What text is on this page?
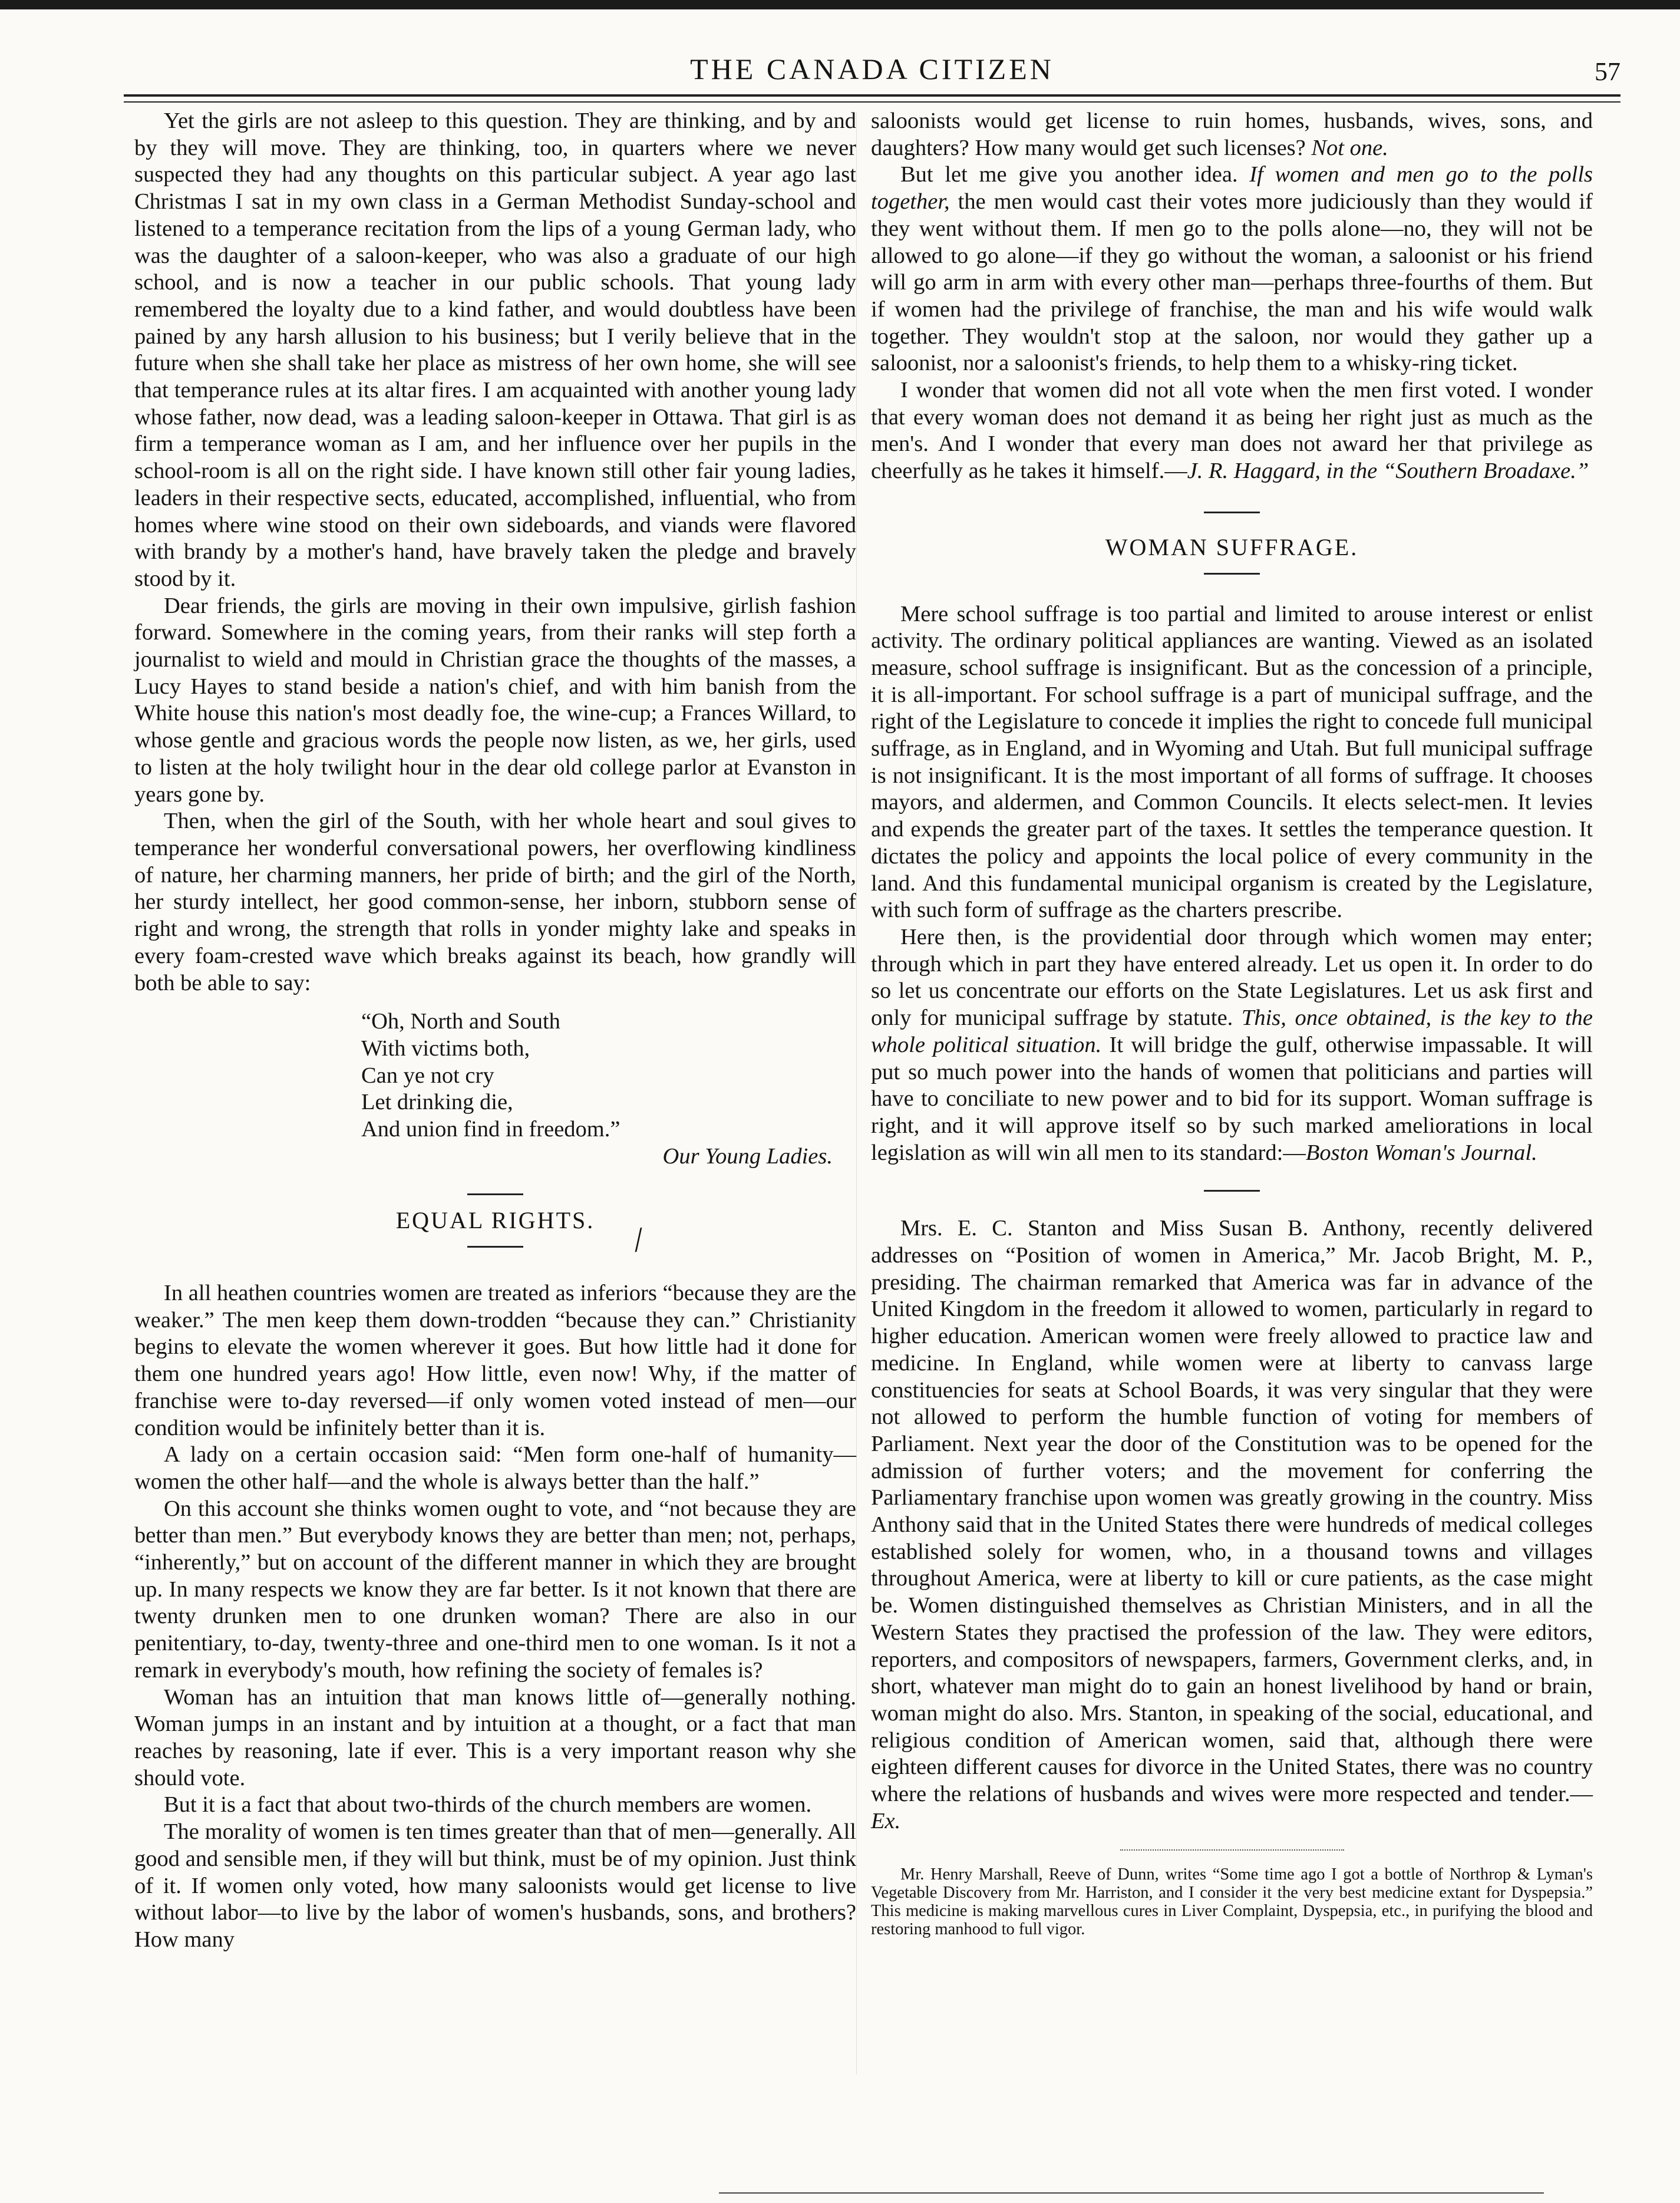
THE CANADA CITIZEN	57

Yet the girls are not asleep to this question. They are thinking, and by and by they will move. They are thinking, too, in quarters where we never suspected they had any thoughts on this particular subject. A year ago last Christmas I sat in my own class in a German Methodist Sunday-school and listened to a temperance recitation from the lips of a young German lady, who was the daughter of a saloon-keeper, who was also a graduate of our high school, and is now a teacher in our public schools. That young lady remembered the loyalty due to a kind father, and would doubtless have been pained by any harsh allusion to his business; but I verily believe that in the future when she shall take her place as mistress of her own home, she will see that temperance rules at its altar fires. I am acquainted with another young lady whose father, now dead, was a leading saloon-keeper in Ottawa. That girl is as firm a temperance woman as I am, and her influence over her pupils in the school-room is all on the right side. I have known still other fair young ladies, leaders in their respective sects, educated, accomplished, influential, who from homes where wine stood on their own sideboards, and viands were flavored with brandy by a mother's hand, have bravely taken the pledge and bravely stood by it.

Dear friends, the girls are moving in their own impulsive, girlish fashion forward. Somewhere in the coming years, from their ranks will step forth a journalist to wield and mould in Christian grace the thoughts of the masses, a Lucy Hayes to stand beside a nation's chief, and with him banish from the White house this nation's most deadly foe, the wine-cup; a Frances Willard, to whose gentle and gracious words the people now listen, as we, her girls, used to listen at the holy twilight hour in the dear old college parlor at Evanston in years gone by.

Then, when the girl of the South, with her whole heart and soul gives to temperance her wonderful conversational powers, her overflowing kindliness of nature, her charming manners, her pride of birth; and the girl of the North, her sturdy intellect, her good common-sense, her inborn, stubborn sense of right and wrong, the strength that rolls in yonder mighty lake and speaks in every foam-crested wave which breaks against its beach, how grandly will both be able to say:

“Oh, North and South
With victims both,
Can ye not cry
Let drinking die,
And union find in freedom.”
Our Young Ladies.
EQUAL RIGHTS.

In all heathen countries women are treated as inferiors “because they are the weaker.” The men keep them down-trodden “because they can.” Christianity begins to elevate the women wherever it goes. But how little had it done for them one hundred years ago! How little, even now! Why, if the matter of franchise were to-day reversed—if only women voted instead of men—our condition would be infinitely better than it is.

A lady on a certain occasion said: “Men form one-half of humanity—women the other half—and the whole is always better than the half.”

On this account she thinks women ought to vote, and “not because they are better than men.” But everybody knows they are better than men; not, perhaps, “inherently,” but on account of the different manner in which they are brought up. In many respects we know they are far better. Is it not known that there are twenty drunken men to one drunken woman? There are also in our penitentiary, to-day, twenty-three and one-third men to one woman. Is it not a remark in everybody's mouth, how refining the society of females is?

Woman has an intuition that man knows little of—generally nothing. Woman jumps in an instant and by intuition at a thought, or a fact that man reaches by reasoning, late if ever. This is a very important reason why she should vote.

But it is a fact that about two-thirds of the church members are women.

The morality of women is ten times greater than that of men—generally. All good and sensible men, if they will but think, must be of my opinion. Just think of it. If women only voted, how many saloonists would get license to live without labor—to live by the labor of women's husbands, sons, and brothers? How many

/

saloonists would get license to ruin homes, husbands, wives, sons, and daughters? How many would get such licenses? Not one.

But let me give you another idea. If women and men go to the polls together, the men would cast their votes more judiciously than they would if they went without them. If men go to the polls alone—no, they will not be allowed to go alone—if they go without the woman, a saloonist or his friend will go arm in arm with every other man—perhaps three-fourths of them. But if women had the privilege of franchise, the man and his wife would walk together. They wouldn't stop at the saloon, nor would they gather up a saloonist, nor a saloonist's friends, to help them to a whisky-ring ticket.

I wonder that women did not all vote when the men first voted. I wonder that every woman does not demand it as being her right just as much as the men's. And I wonder that every man does not award her that privilege as cheerfully as he takes it himself.—J. R. Haggard, in the “Southern Broadaxe.”

WOMAN SUFFRAGE.

Mere school suffrage is too partial and limited to arouse interest or enlist activity. The ordinary political appliances are wanting. Viewed as an isolated measure, school suffrage is insignificant. But as the concession of a principle, it is all-important. For school suffrage is a part of municipal suffrage, and the right of the Legislature to concede it implies the right to concede full municipal suffrage, as in England, and in Wyoming and Utah. But full municipal suffrage is not insignificant. It is the most important of all forms of suffrage. It chooses mayors, and aldermen, and Common Councils. It elects select-men. It levies and expends the greater part of the taxes. It settles the temperance question. It dictates the policy and appoints the local police of every community in the land. And this fundamental municipal organism is created by the Legislature, with such form of suffrage as the charters prescribe.

Here then, is the providential door through which women may enter; through which in part they have entered already. Let us open it. In order to do so let us concentrate our efforts on the State Legislatures. Let us ask first and only for municipal suffrage by statute. This, once obtained, is the key to the whole political situation. It will bridge the gulf, otherwise impassable. It will put so much power into the hands of women that politicians and parties will have to conciliate to new power and to bid for its support. Woman suffrage is right, and it will approve itself so by such marked ameliorations in local legislation as will win all men to its standard:—Boston Woman's Journal.

Mrs. E. C. Stanton and Miss Susan B. Anthony, recently delivered addresses on “Position of women in America,” Mr. Jacob Bright, M. P., presiding. The chairman remarked that America was far in advance of the United Kingdom in the freedom it allowed to women, particularly in regard to higher education. American women were freely allowed to practice law and medicine. In England, while women were at liberty to canvass large constituencies for seats at School Boards, it was very singular that they were not allowed to perform the humble function of voting for members of Parliament. Next year the door of the Constitution was to be opened for the admission of further voters; and the movement for conferring the Parliamentary franchise upon women was greatly growing in the country. Miss Anthony said that in the United States there were hundreds of medical colleges established solely for women, who, in a thousand towns and villages throughout America, were at liberty to kill or cure patients, as the case might be. Women distinguished themselves as Christian Ministers, and in all the Western States they practised the profession of the law. They were editors, reporters, and compositors of newspapers, farmers, Government clerks, and, in short, whatever man might do to gain an honest livelihood by hand or brain, woman might do also. Mrs. Stanton, in speaking of the social, educational, and religious condition of American women, said that, although there were eighteen different causes for divorce in the United States, there was no country where the relations of husbands and wives were more respected and tender.—Ex.

Mr. Henry Marshall, Reeve of Dunn, writes “Some time ago I got a bottle of Northrop & Lyman's Vegetable Discovery from Mr. Harriston, and I consider it the very best medicine extant for Dyspepsia.” This medicine is making marvellous cures in Liver Complaint, Dyspepsia, etc., in purifying the blood and restoring manhood to full vigor.
